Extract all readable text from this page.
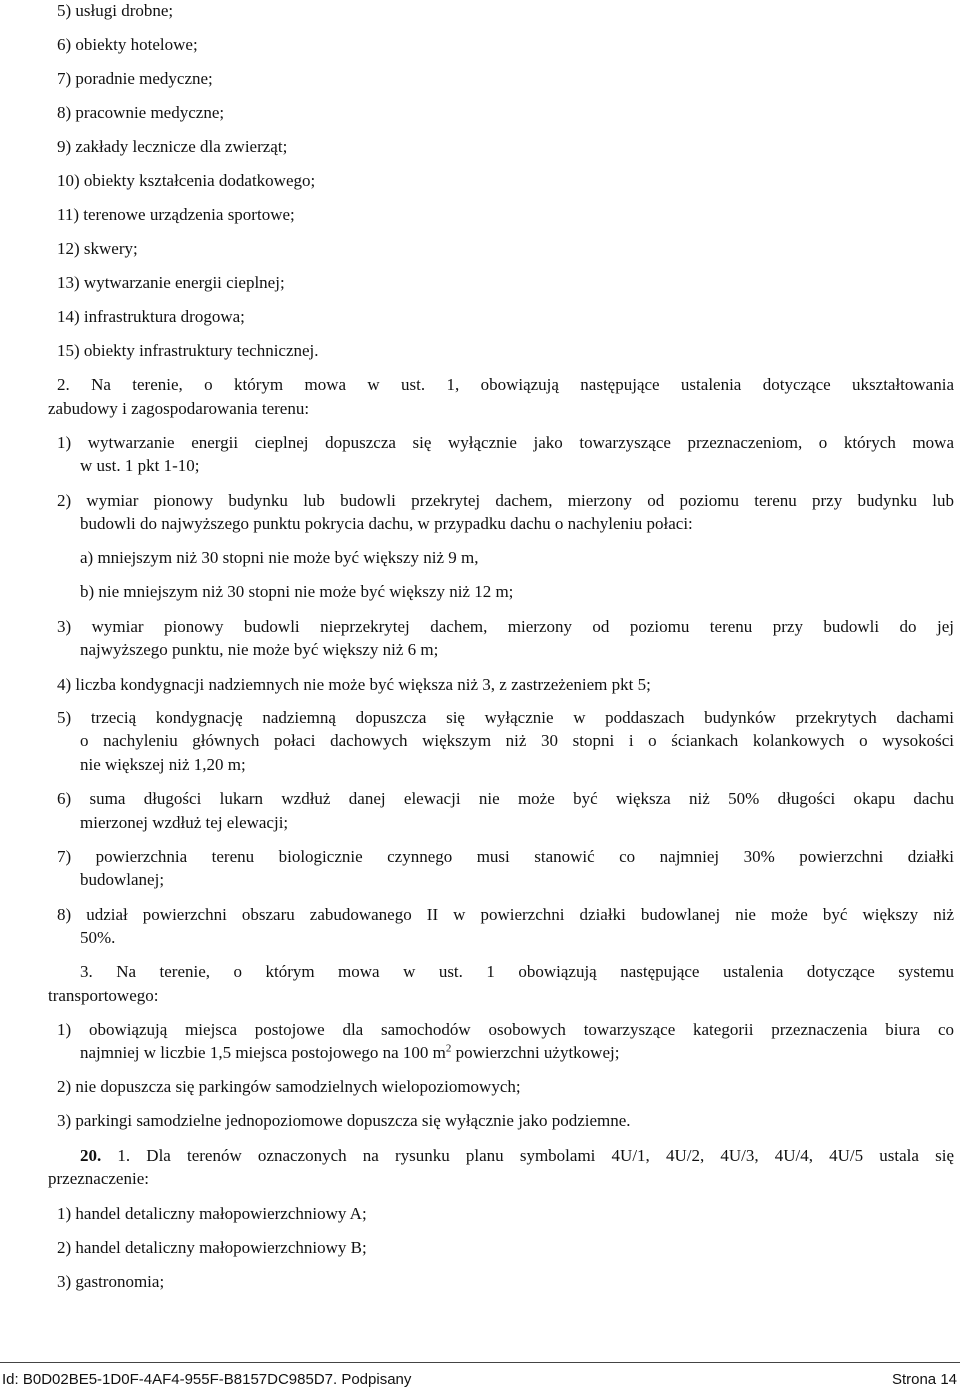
5) usługi drobne;
6) obiekty hotelowe;
7) poradnie medyczne;
8) pracownie medyczne;
9) zakłady lecznicze dla zwierząt;
10) obiekty kształcenia dodatkowego;
11) terenowe urządzenia sportowe;
12) skwery;
13) wytwarzanie energii cieplnej;
14) infrastruktura drogowa;
15) obiekty infrastruktury technicznej.
2. Na terenie, o którym mowa w ust. 1, obowiązują następujące ustalenia dotyczące ukształtowania
zabudowy i zagospodarowania terenu:
1) wytwarzanie energii cieplnej dopuszcza się wyłącznie jako towarzyszące przeznaczeniom, o których mowa
w ust. 1 pkt 1-10;
2) wymiar pionowy budynku lub budowli przekrytej dachem, mierzony od poziomu terenu przy budynku lub
budowli do najwyższego punktu pokrycia dachu, w przypadku dachu o nachyleniu połaci:
a) mniejszym niż 30 stopni nie może być większy niż 9 m,
b) nie mniejszym niż 30 stopni nie może być większy niż 12 m;
3) wymiar pionowy budowli nieprzekrytej dachem, mierzony od poziomu terenu przy budowli do jej
najwyższego punktu, nie może być większy niż 6 m;
4) liczba kondygnacji nadziemnych nie może być większa niż 3, z zastrzeżeniem pkt 5;
5) trzecią kondygnację nadziemną dopuszcza się wyłącznie w poddaszach budynków przekrytych dachami
o nachyleniu głównych połaci dachowych większym niż 30 stopni i o ściankach kolankowych o wysokości
nie większej niż 1,20 m;
6) suma długości lukarn wzdłuż danej elewacji nie może być większa niż 50% długości okapu dachu
mierzonej wzdłuż tej elewacji;
7) powierzchnia terenu biologicznie czynnego musi stanowić co najmniej 30% powierzchni działki
budowlanej;
8) udział powierzchni obszaru zabudowanego II w powierzchni działki budowlanej nie może być większy niż
50%.
3. Na terenie, o którym mowa w ust. 1 obowiązują następujące ustalenia dotyczące systemu
transportowego:
1) obowiązują miejsca postojowe dla samochodów osobowych towarzyszące kategorii przeznaczenia biura co
najmniej w liczbie 1,5 miejsca postojowego na 100 $m^2$ powierzchni użytkowej;
2) nie dopuszcza się parkingów samodzielnych wielopoziomowych;
3) parkingi samodzielne jednopoziomowe dopuszcza się wyłącznie jako podziemne.
20. 1. Dla terenów oznaczonych na rysunku planu symbolami 4U/1, 4U/2, 4U/3, 4U/4, 4U/5 ustala się
przeznaczenie:
1) handel detaliczny małopowierzchniowy A;
2) handel detaliczny małopowierzchniowy B;
3) gastronomia;
Id: B0D02BE5-1D0F-4AF4-955F-B8157DC985D7. Podpisany	Strona 14
